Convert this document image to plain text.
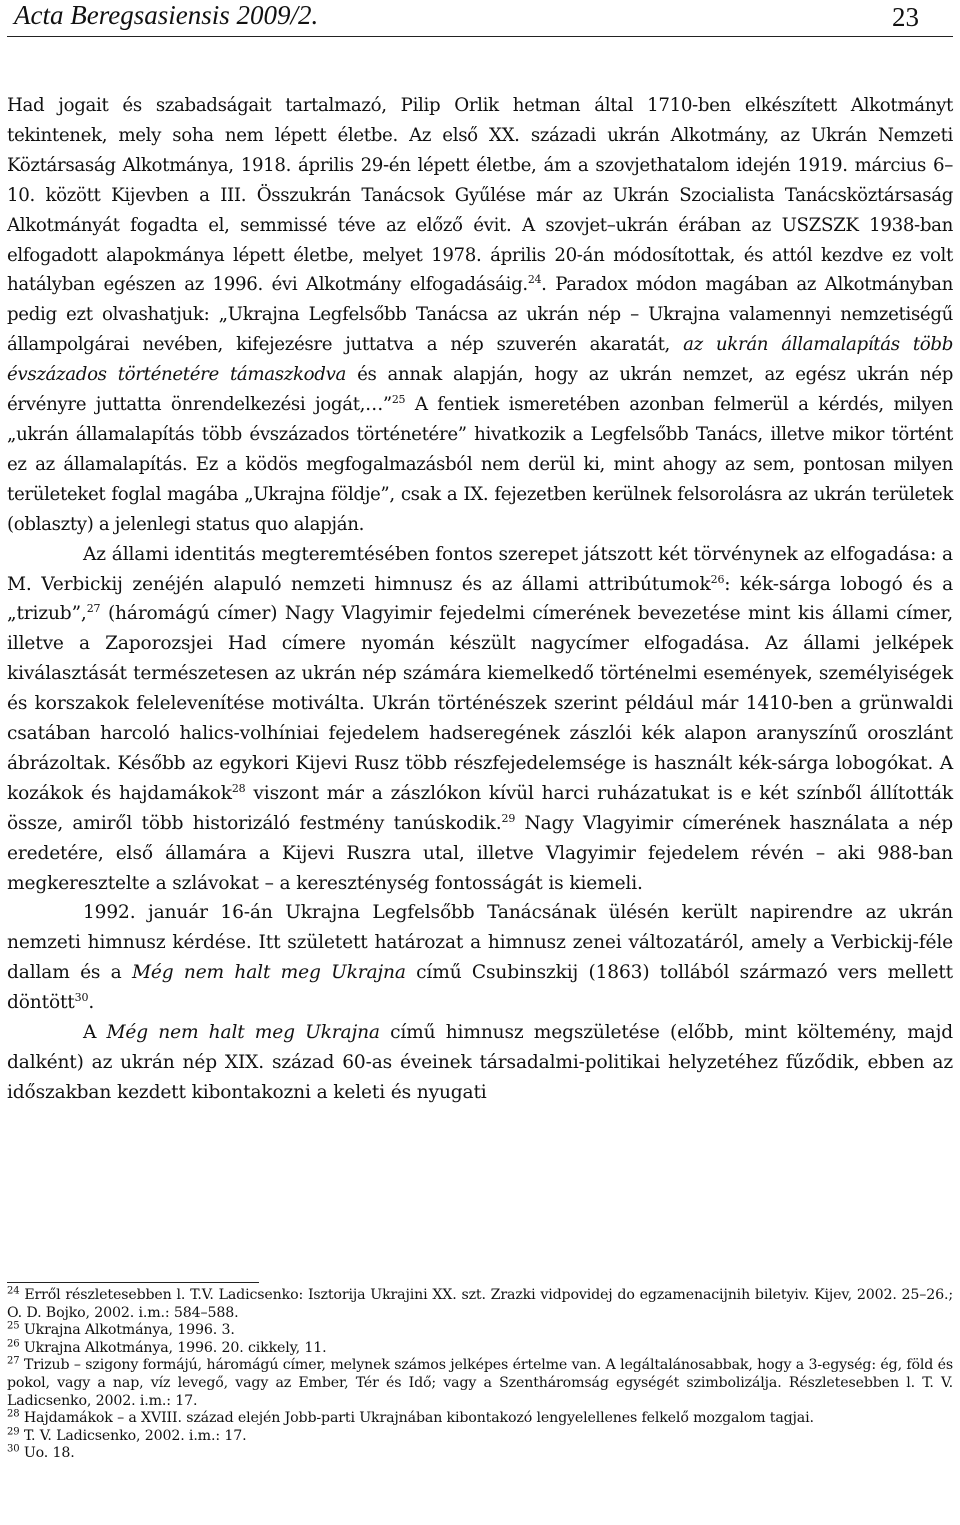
Acta Beregsasiensis 2009/2.	23

Had jogait és szabadságait tartalmazó, Pilip Orlik hetman által 1710-ben elkészített Alkotmányt tekintenek, mely soha nem lépett életbe. Az első XX. századi ukrán Alkotmány, az Ukrán Nemzeti Köztársaság Alkotmánya, 1918. április 29-én lépett életbe, ám a szovjethatalom idején 1919. március 6–10. között Kijevben a III. Összukrán Tanácsok Gyűlése már az Ukrán Szocialista Tanácsköztársaság Alkotmányát fogadta el, semmissé téve az előző évit. A szovjet–ukrán érában az USZSZK 1938-ban elfogadott alapokmánya lépett életbe, melyet 1978. április 20-án módosítottak, és attól kezdve ez volt hatályban egészen az 1996. évi Alkotmány elfogadásáig.$^{24}$. Paradox módon magában az Alkotmányban pedig ezt olvashatjuk: „Ukrajna Legfelsőbb Tanácsa az ukrán nép – Ukrajna valamennyi nemzetiségű állampolgárai nevében, kifejezésre juttatva a nép szuverén akaratát, az ukrán államalapítás több évszázados történetére támaszkodva és annak alapján, hogy az ukrán nemzet, az egész ukrán nép érvényre juttatta önrendelkezési jogát,…”$^{25}$ A fentiek ismeretében azonban felmerül a kérdés, milyen „ukrán államalapítás több évszázados történetére” hivatkozik a Legfelsőbb Tanács, illetve mikor történt ez az államalapítás. Ez a ködös megfogalmazásból nem derül ki, mint ahogy az sem, pontosan milyen területeket foglal magába „Ukrajna földje”, csak a IX. fejezetben kerülnek felsorolásra az ukrán területek (oblaszty) a jelenlegi status quo alapján.

Az állami identitás megteremtésében fontos szerepet játszott két törvénynek az elfogadása: a M. Verbickij zenéjén alapuló nemzeti himnusz és az állami attribútumok$^{26}$: kék-sárga lobogó és a „trizub”,$^{27}$ (háromágú címer) Nagy Vlagyimir fejedelmi címerének bevezetése mint kis állami címer, illetve a Zaporozsjei Had címere nyomán készült nagycímer elfogadása. Az állami jelképek kiválasztását természetesen az ukrán nép számára kiemelkedő történelmi események, személyiségek és korszakok felelevenítése motiválta. Ukrán történészek szerint például már 1410-ben a grünwaldi csatában harcoló halics-volhíniai fejedelem hadseregének zászlói kék alapon aranyszínű oroszlánt ábrázoltak. Később az egykori Kijevi Rusz több részfejedelemsége is használt kék-sárga lobogókat. A kozákok és hajdamákok$^{28}$ viszont már a zászlókon kívül harci ruházatukat is e két színből állították össze, amiről több historizáló festmény tanúskodik.$^{29}$ Nagy Vlagyimir címerének használata a nép eredetére, első államára a Kijevi Ruszra utal, illetve Vlagyimir fejedelem révén – aki 988-ban megkeresztelte a szlávokat – a kereszténység fontosságát is kiemeli.

1992. január 16-án Ukrajna Legfelsőbb Tanácsának ülésén került napirendre az ukrán nemzeti himnusz kérdése. Itt született határozat a himnusz zenei változatáról, amely a Verbickij-féle dallam és a Még nem halt meg Ukrajna című Csubinszkij (1863) tollából származó vers mellett döntött$^{30}$.

A Még nem halt meg Ukrajna című himnusz megszületése (előbb, mint költemény, majd dalként) az ukrán nép XIX. század 60-as éveinek társadalmi-politikai helyzetéhez fűződik, ebben az időszakban kezdett kibontakozni a keleti és nyugati

$^{24}$ Erről részletesebben l. T.V. Ladicsenko: Isztorija Ukrajini XX. szt. Zrazki vidpovidej do egzamenacijnih biletyiv. Kijev, 2002. 25–26.; O. D. Bojko, 2002. i.m.: 584–588.

$^{25}$ Ukrajna Alkotmánya, 1996. 3.

$^{26}$ Ukrajna Alkotmánya, 1996. 20. cikkely, 11.

$^{27}$ Trizub – szigony formájú, háromágú címer, melynek számos jelképes értelme van. A legáltalánosabbak, hogy a 3-egység: ég, föld és pokol, vagy a nap, víz levegő, vagy az Ember, Tér és Idő; vagy a Szentháromság egységét szimbolizálja. Részletesebben l. T. V. Ladicsenko, 2002. i.m.: 17.

$^{28}$ Hajdamákok – a XVIII. század elején Jobb-parti Ukrajnában kibontakozó lengyelellenes felkelő mozgalom tagjai.

$^{29}$ T. V. Ladicsenko, 2002. i.m.: 17.

$^{30}$ Uo. 18.
